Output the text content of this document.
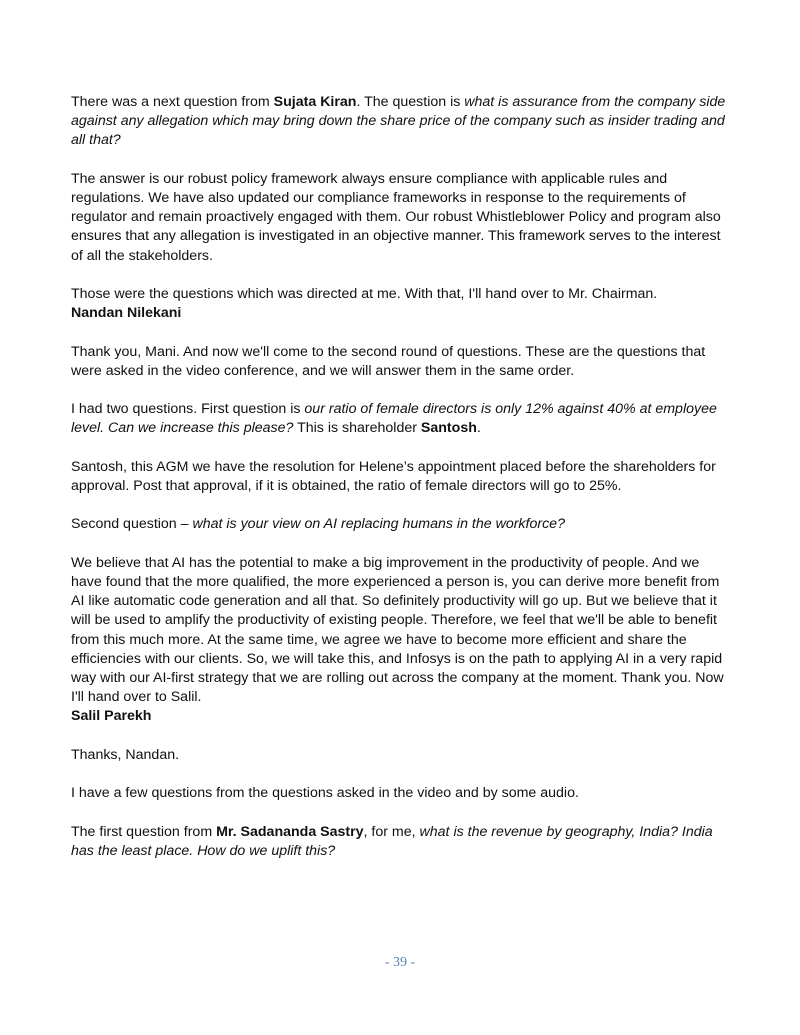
There was a next question from Sujata Kiran. The question is what is assurance from the company side against any allegation which may bring down the share price of the company such as insider trading and all that?

The answer is our robust policy framework always ensure compliance with applicable rules and regulations. We have also updated our compliance frameworks in response to the requirements of regulator and remain proactively engaged with them. Our robust Whistleblower Policy and program also ensures that any allegation is investigated in an objective manner. This framework serves to the interest of all the stakeholders.

Those were the questions which was directed at me. With that, I'll hand over to Mr. Chairman.

Nandan Nilekani

Thank you, Mani. And now we'll come to the second round of questions. These are the questions that were asked in the video conference, and we will answer them in the same order.

I had two questions. First question is our ratio of female directors is only 12% against 40% at employee level. Can we increase this please? This is shareholder Santosh.

Santosh, this AGM we have the resolution for Helene’s appointment placed before the shareholders for approval. Post that approval, if it is obtained, the ratio of female directors will go to 25%.

Second question – what is your view on AI replacing humans in the workforce?

We believe that AI has the potential to make a big improvement in the productivity of people. And we have found that the more qualified, the more experienced a person is, you can derive more benefit from AI like automatic code generation and all that. So definitely productivity will go up. But we believe that it will be used to amplify the productivity of existing people. Therefore, we feel that we'll be able to benefit from this much more. At the same time, we agree we have to become more efficient and share the efficiencies with our clients. So, we will take this, and Infosys is on the path to applying AI in a very rapid way with our AI-first strategy that we are rolling out across the company at the moment. Thank you. Now I'll hand over to Salil.

Salil Parekh

Thanks, Nandan.

I have a few questions from the questions asked in the video and by some audio.

The first question from Mr. Sadananda Sastry, for me, what is the revenue by geography, India? India has the least place. How do we uplift this?

- 39 -
